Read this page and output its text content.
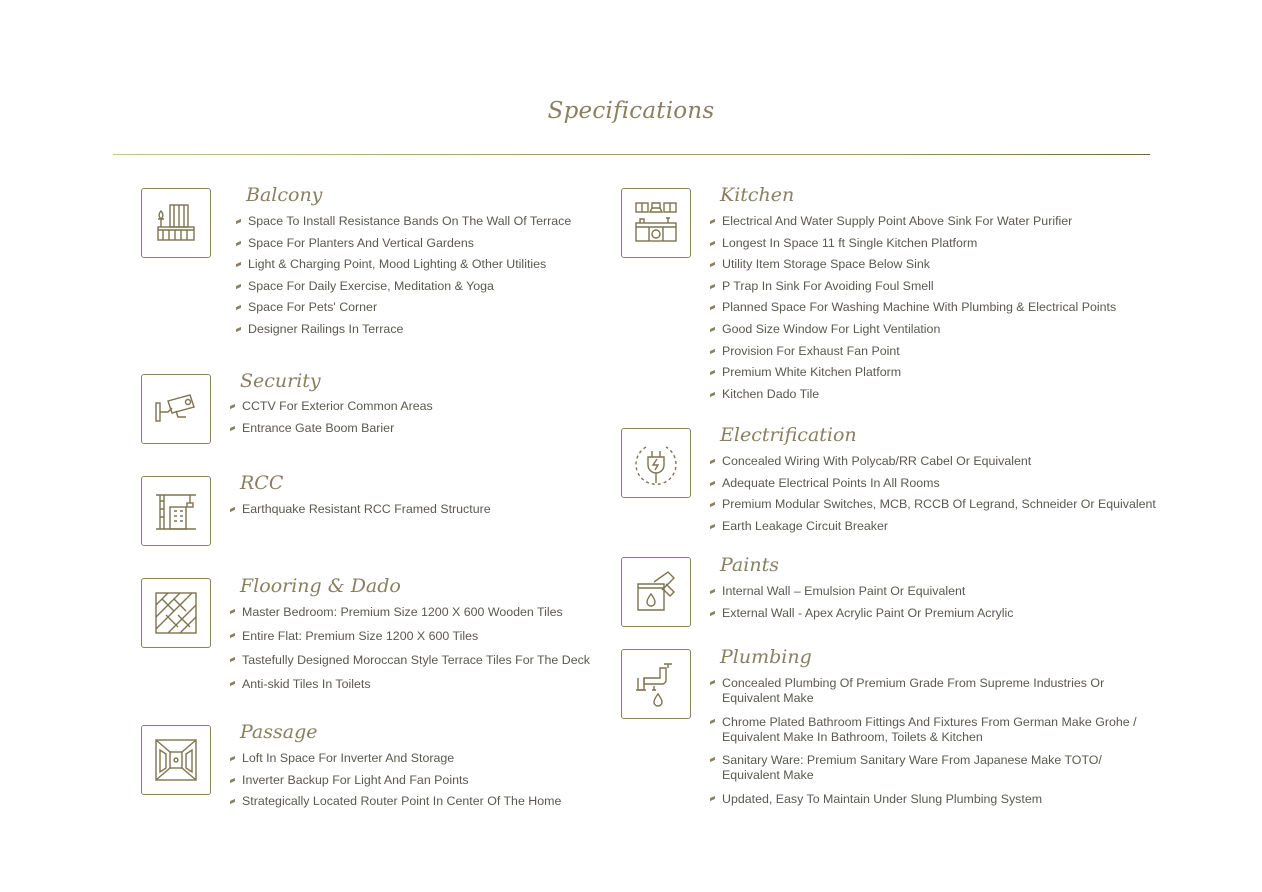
Specifications
Balcony
Space To Install Resistance Bands On The Wall Of Terrace
Space For Planters And Vertical Gardens
Light & Charging Point, Mood Lighting & Other Utilities
Space For Daily Exercise, Meditation & Yoga
Space For Pets' Corner
Designer Railings In Terrace
Security
CCTV For Exterior Common Areas
Entrance Gate Boom Barier
RCC
Earthquake Resistant RCC Framed Structure
Flooring & Dado
Master Bedroom: Premium Size 1200 X 600 Wooden Tiles
Entire Flat: Premium Size 1200 X 600 Tiles
Tastefully Designed Moroccan Style Terrace Tiles For The Deck
Anti-skid Tiles In Toilets
Passage
Loft In Space For Inverter And Storage
Inverter Backup For Light And Fan Points
Strategically Located Router Point In Center Of The Home
Kitchen
Electrical And Water Supply Point Above Sink For Water Purifier
Longest In Space 11 ft Single Kitchen Platform
Utility Item Storage Space Below Sink
P Trap In Sink For Avoiding Foul Smell
Planned Space For Washing Machine With Plumbing & Electrical Points
Good Size Window For Light Ventilation
Provision For Exhaust Fan Point
Premium White Kitchen Platform
Kitchen Dado Tile
Electrification
Concealed Wiring With Polycab/RR Cabel Or Equivalent
Adequate Electrical Points In All Rooms
Premium Modular Switches, MCB, RCCB Of Legrand, Schneider Or Equivalent
Earth Leakage Circuit Breaker
Paints
Internal Wall – Emulsion Paint Or Equivalent
External Wall - Apex Acrylic Paint Or Premium Acrylic
Plumbing
Concealed Plumbing Of Premium Grade From Supreme Industries Or Equivalent Make
Chrome Plated Bathroom Fittings And Fixtures From German Make Grohe / Equivalent Make In Bathroom, Toilets & Kitchen
Sanitary Ware: Premium Sanitary Ware From Japanese Make TOTO/ Equivalent Make
Updated, Easy To Maintain Under Slung Plumbing System
